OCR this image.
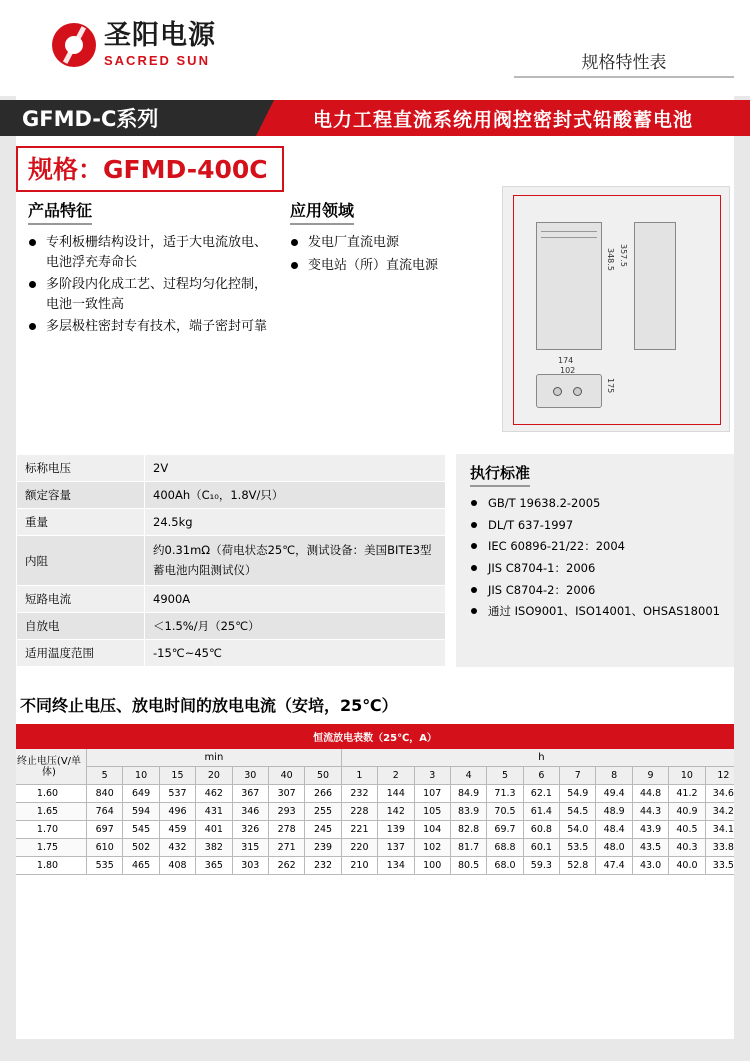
圣阳电源
SACRED SUN	规格特性表
GFMD-C系列	电力工程直流系统用阀控密封式铅酸蓄电池
规格：GFMD-400C
产品特征
专利板栅结构设计，适于大电流放电、电池浮充寿命长
多阶段内化成工艺、过程均匀化控制，电池一致性高
多层极柱密封专有技术，端子密封可靠
应用领域
发电厂直流电源
变电站（所）直流电源	348.5 357.5
174
102
175
标称电压	2V
额定容量	400Ah（C₁₀，1.8V/只）
重量	24.5kg
内阻	约0.31mΩ（荷电状态25℃，测试设备：美国BITE3型蓄电池内阻测试仪）
短路电流	4900A
自放电	＜1.5%/月（25℃）
适用温度范围	-15℃~45℃
执行标准
GB/T 19638.2-2005
DL/T 637-1997
IEC 60896-21/22：2004
JIS C8704-1：2006
JIS C8704-2：2006
通过 ISO9001、ISO14001、OHSAS18001
不同终止电压、放电时间的放电电流（安培，25℃）
恒流放电表数（25℃，A）																		
终止电压(V/单体)	min							h										
	5	10	15	20	30	40	50	1	2	3	4	5	6	7	8	9	10	12
1.60	840	649	537	462	367	307	266	232	144	107	84.9	71.3	62.1	54.9	49.4	44.8	41.2	34.6
1.65	764	594	496	431	346	293	255	228	142	105	83.9	70.5	61.4	54.5	48.9	44.3	40.9	34.2
1.70	697	545	459	401	326	278	245	221	139	104	82.8	69.7	60.8	54.0	48.4	43.9	40.5	34.1
1.75	610	502	432	382	315	271	239	220	137	102	81.7	68.8	60.1	53.5	48.0	43.5	40.3	33.8
1.80	535	465	408	365	303	262	232	210	134	100	80.5	68.0	59.3	52.8	47.4	43.0	40.0	33.5
